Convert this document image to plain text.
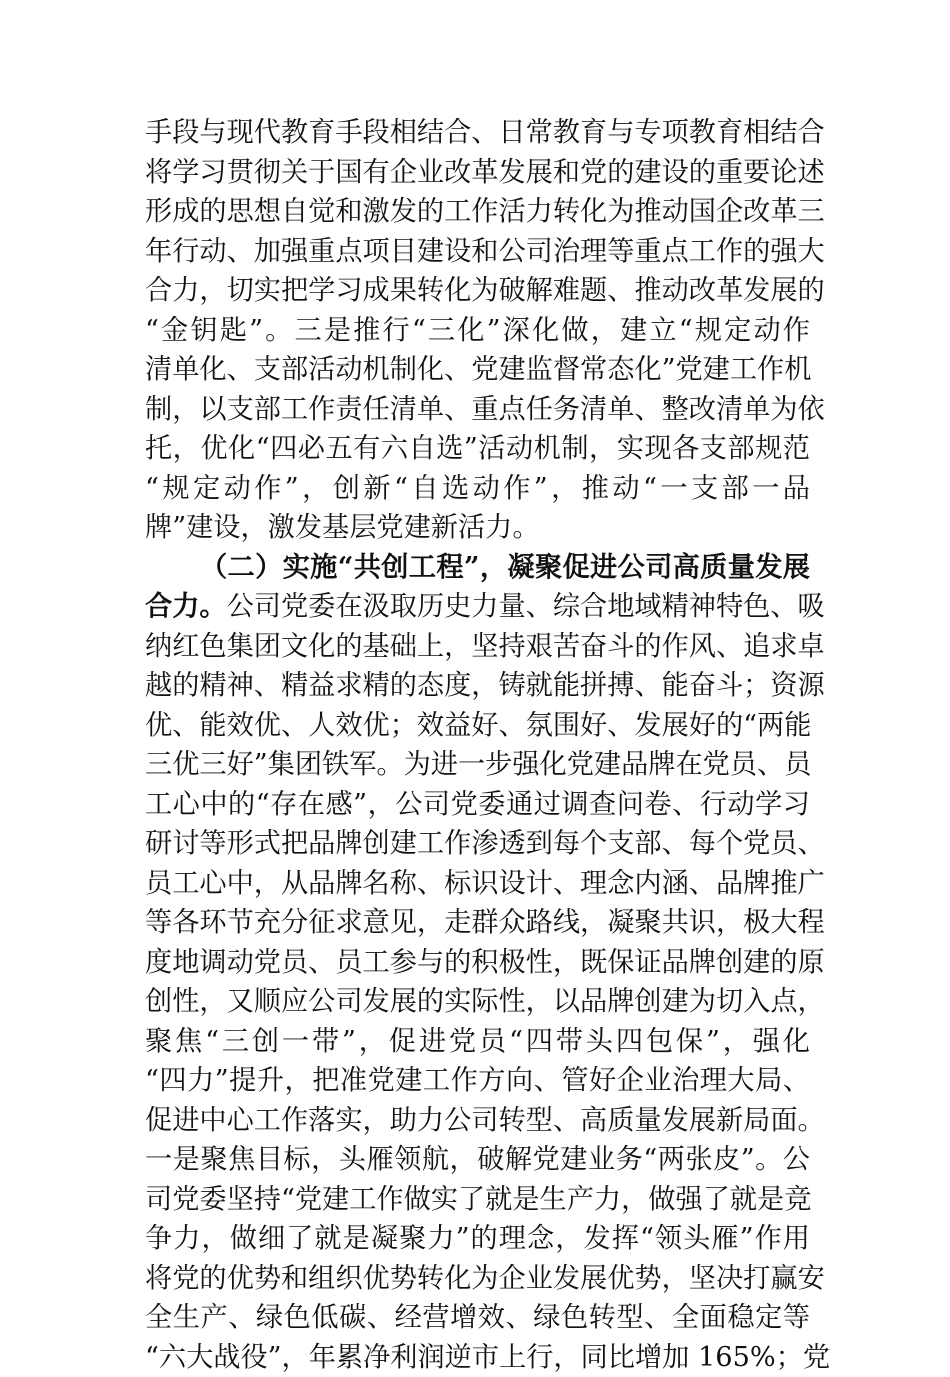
手段与现代教育手段相结合、日常教育与专项教育相结合
将学习贯彻关于国有企业改革发展和党的建设的重要论述
形成的思想自觉和激发的工作活力转化为推动国企改革三
年行动、加强重点项目建设和公司治理等重点工作的强大
合力，切实把学习成果转化为破解难题、推动改革发展的
“金钥匙”。三是推行“三化”深化做，建立“规定动作
清单化、支部活动机制化、党建监督常态化”党建工作机
制，以支部工作责任清单、重点任务清单、整改清单为依
托，优化“四必五有六自选”活动机制，实现各支部规范
“规定动作”，创新“自选动作”，推动“一支部一品
牌”建设，激发基层党建新活力。
（二）实施“共创工程”，凝聚促进公司高质量发展
合力。公司党委在汲取历史力量、综合地域精神特色、吸
纳红色集团文化的基础上，坚持艰苦奋斗的作风、追求卓
越的精神、精益求精的态度，铸就能拼搏、能奋斗；资源
优、能效优、人效优；效益好、氛围好、发展好的“两能
三优三好”集团铁军。为进一步强化党建品牌在党员、员
工心中的“存在感”，公司党委通过调查问卷、行动学习
研讨等形式把品牌创建工作渗透到每个支部、每个党员、
员工心中，从品牌名称、标识设计、理念内涵、品牌推广
等各环节充分征求意见，走群众路线，凝聚共识，极大程
度地调动党员、员工参与的积极性，既保证品牌创建的原
创性，又顺应公司发展的实际性，以品牌创建为切入点，
聚焦“三创一带”，促进党员“四带头四包保”，强化
“四力”提升，把准党建工作方向、管好企业治理大局、
促进中心工作落实，助力公司转型、高质量发展新局面。
一是聚焦目标，头雁领航，破解党建业务“两张皮”。公
司党委坚持“党建工作做实了就是生产力，做强了就是竞
争力，做细了就是凝聚力”的理念，发挥“领头雁”作用
将党的优势和组织优势转化为企业发展优势，坚决打赢安
全生产、绿色低碳、经营增效、绿色转型、全面稳定等
“六大战役”，年累净利润逆市上行，同比增加 165%；党
